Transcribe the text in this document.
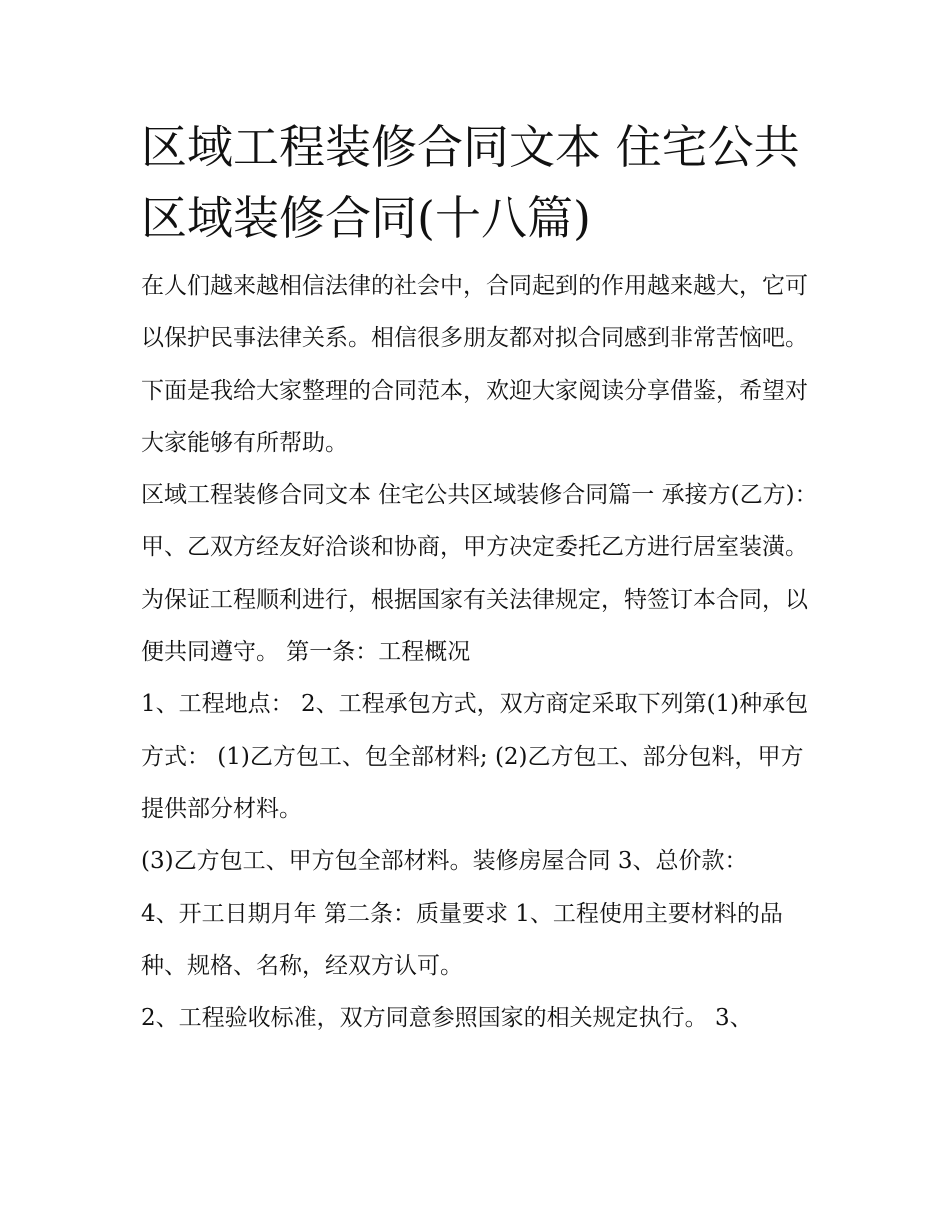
区域工程装修合同文本 住宅公共区域装修合同(十八篇)

在人们越来越相信法律的社会中，合同起到的作用越来越大，它可以保护民事法律关系。相信很多朋友都对拟合同感到非常苦恼吧。下面是我给大家整理的合同范本，欢迎大家阅读分享借鉴，希望对大家能够有所帮助。

区域工程装修合同文本 住宅公共区域装修合同篇一 承接方(乙方)：

甲、乙双方经友好洽谈和协商，甲方决定委托乙方进行居室装潢。为保证工程顺利进行，根据国家有关法律规定，特签订本合同，以便共同遵守。 第一条：工程概况

1、工程地点： 2、工程承包方式，双方商定采取下列第(1)种承包方式： (1)乙方包工、包全部材料; (2)乙方包工、部分包料，甲方提供部分材料。

(3)乙方包工、甲方包全部材料。装修房屋合同 3、总价款：

4、开工日期月年 第二条：质量要求 1、工程使用主要材料的品种、规格、名称，经双方认可。

2、工程验收标准，双方同意参照国家的相关规定执行。 3、
